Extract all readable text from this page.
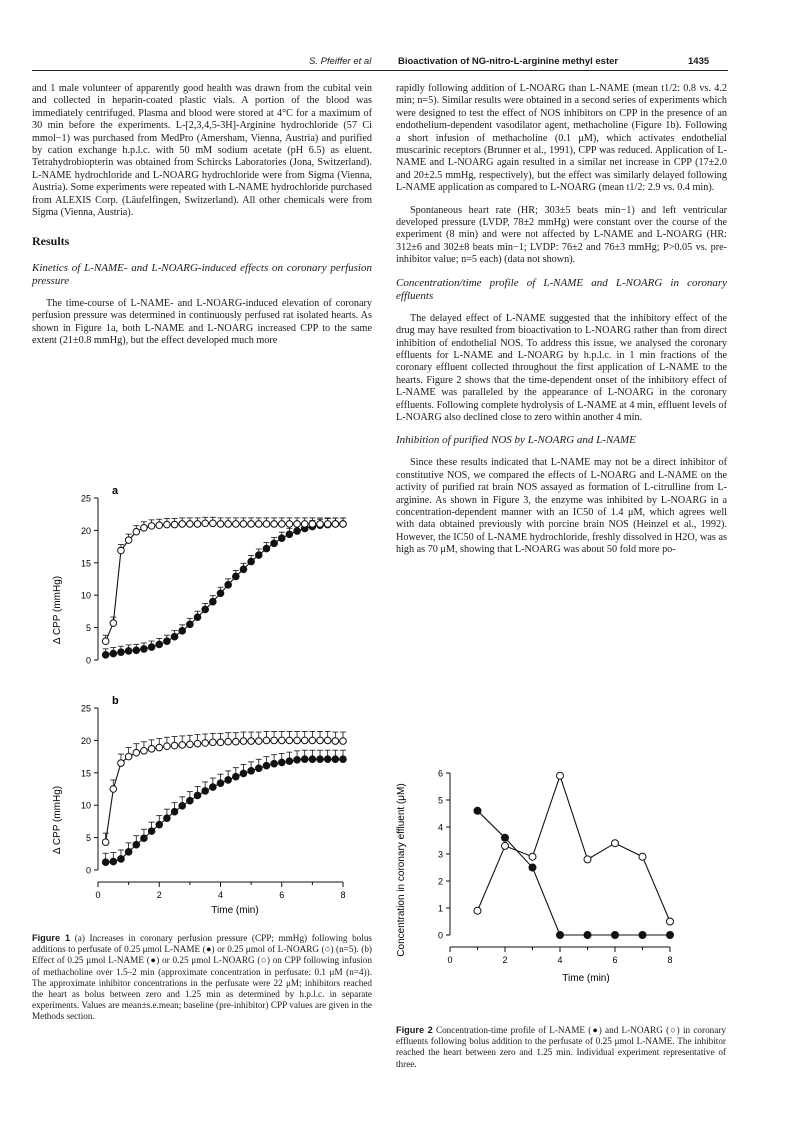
S. Pfeiffer et al	Bioactivation of NG-nitro-L-arginine methyl ester	1435

and 1 male volunteer of apparently good health was drawn from the cubital vein and collected in heparin-coated plastic vials. A portion of the blood was immediately centrifuged. Plasma and blood were stored at 4°C for a maximum of 30 min before the experiments. L-[2,3,4,5-3H]-Arginine hydrochloride (57 Ci mmol−1) was purchased from MedPro (Amersham, Vienna, Austria) and purified by cation exchange h.p.l.c. with 50 mM sodium acetate (pH 6.5) as eluent. Tetrahydrobiopterin was obtained from Schircks Laboratories (Jona, Switzerland). L-NAME hydrochloride and L-NOARG hydrochloride were from Sigma (Vienna, Austria). Some experiments were repeated with L-NAME hydrochloride purchased from ALEXIS Corp. (Läufelfingen, Switzerland). All other chemicals were from Sigma (Vienna, Austria).

Results
Kinetics of L-NAME- and L-NOARG-induced effects on coronary perfusion pressure

The time-course of L-NAME- and L-NOARG-induced elevation of coronary perfusion pressure was determined in continuously perfused rat isolated hearts. As shown in Figure 1a, both L-NAME and L-NOARG increased CPP to the same extent (21±0.8 mmHg), but the effect developed much more

rapidly following addition of L-NOARG than L-NAME (mean t1/2: 0.8 vs. 4.2 min; n=5). Similar results were obtained in a second series of experiments which were designed to test the effect of NOS inhibitors on CPP in the presence of an endothelium-dependent vasodilator agent, methacholine (Figure 1b). Following a short infusion of methacholine (0.1 μM), which activates endothelial muscarinic receptors (Brunner et al., 1991), CPP was reduced. Application of L-NAME and L-NOARG again resulted in a similar net increase in CPP (17±2.0 and 20±2.5 mmHg, respectively), but the effect was similarly delayed following L-NAME application as compared to L-NOARG (mean t1/2: 2.9 vs. 0.4 min).

Spontaneous heart rate (HR; 303±5 beats min−1) and left ventricular developed pressure (LVDP, 78±2 mmHg) were constant over the course of the experiment (8 min) and were not affected by L-NAME and L-NOARG (HR: 312±6 and 302±8 beats min−1; LVDP: 76±2 and 76±3 mmHg; P>0.05 vs. pre-inhibitor value; n=5 each) (data not shown).

Concentration/time profile of L-NAME and L-NOARG in coronary effluents

The delayed effect of L-NAME suggested that the inhibitory effect of the drug may have resulted from bioactivation to L-NOARG rather than from direct inhibition of endothelial NOS. To address this issue, we analysed the coronary effluents for L-NAME and L-NOARG by h.p.l.c. in 1 min fractions of the coronary effluent collected throughout the first application of L-NAME to the hearts. Figure 2 shows that the time-dependent onset of the inhibitory effect of L-NAME was paralleled by the appearance of L-NOARG in the coronary effluents. Following complete hydrolysis of L-NAME at 4 min, effluent levels of L-NOARG also declined close to zero within another 4 min.

Inhibition of purified NOS by L-NOARG and L-NAME

Since these results indicated that L-NAME may not be a direct inhibitor of constitutive NOS, we compared the effects of L-NOARG and L-NAME on the activity of purified rat brain NOS assayed as formation of L-citrulline from L-arginine. As shown in Figure 3, the enzyme was inhibited by L-NOARG in a concentration-dependent manner with an IC50 of 1.4 μM, which agrees well with data obtained previously with porcine brain NOS (Heinzel et al., 1992). However, the IC50 of L-NAME hydrochloride, freshly dissolved in H2O, was as high as 70 μM, showing that L-NOARG was about 50 fold more po-

a
b
0
5
10
15
20
25
0
5
10
15
20
25
0	2	4	6	8
Δ CPP (mmHg)
Δ CPP (mmHg)
Time (min)
Figure 1 (a) Increases in coronary perfusion pressure (CPP; mmHg) following bolus additions to perfusate of 0.25 μmol L-NAME (●) or 0.25 μmol of L-NOARG (○) (n=5). (b) Effect of 0.25 μmol L-NAME (●) or 0.25 μmol L-NOARG (○) on CPP following infusion of methacholine over 1.5–2 min (approximate concentration in perfusate: 0.1 μM (n=4)). The approximate inhibitor concentrations in the perfusate were 22 μM; inhibitors reached the heart as bolus between zero and 1.25 min as determined by h.p.l.c. in separate experiments. Values are mean±s.e.mean; baseline (pre-inhibitor) CPP values are given in the Methods section.
0
1
2
3
4
5
6
0	2	4	6	8
Concentration in coronary effluent (μM)
Time (min)
Figure 2 Concentration-time profile of L-NAME (●) and L-NOARG (○) in coronary effluents following bolus addition to the perfusate of 0.25 μmol L-NAME. The inhibitor reached the heart between zero and 1.25 min. Individual experiment representative of three.
